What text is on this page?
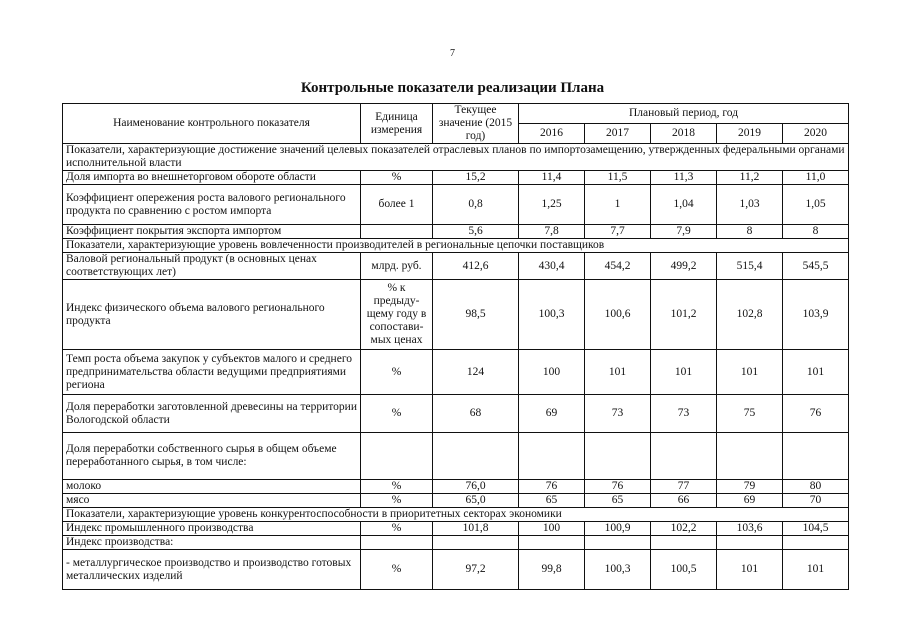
7
Контрольные показатели реализации Плана
Наименование контрольного показателя	Единица измерения	Текущее значение (2015 год)	Плановый период, год				
			2016	2017	2018	2019	2020
Показатели, характеризующие достижение значений целевых показателей отраслевых планов по импортозамещению, утвержденных федеральными органами исполнительной власти							
Доля импорта во внешнеторговом обороте области	%	15,2	11,4	11,5	11,3	11,2	11,0
Коэффициент опережения роста валового регионального продукта по сравнению с ростом импорта	более 1	0,8	1,25	1	1,04	1,03	1,05
Коэффициент покрытия экспорта импортом		5,6	7,8	7,7	7,9	8	8
Показатели, характеризующие уровень вовлеченности производителей в региональные цепочки поставщиков							
Валовой региональный продукт (в основных ценах соответствующих лет)	млрд. руб.	412,6	430,4	454,2	499,2	515,4	545,5
Индекс физического объема валового регионального продукта	% к предыду-щему году в сопостави-мых ценах	98,5	100,3	100,6	101,2	102,8	103,9
Темп роста объема закупок у субъектов малого и среднего предпринимательства области ведущими предприятиями региона	%	124	100	101	101	101	101
Доля переработки заготовленной древесины на территории Вологодской области	%	68	69	73	73	75	76
Доля переработки собственного сырья в общем объеме переработанного сырья, в том числе:							
молоко	%	76,0	76	76	77	79	80
мясо	%	65,0	65	65	66	69	70
Показатели, характеризующие уровень конкурентоспособности в приоритетных секторах экономики							
Индекс промышленного производства	%	101,8	100	100,9	102,2	103,6	104,5
Индекс производства:							
- металлургическое производство и производство готовых металлических изделий	%	97,2	99,8	100,3	100,5	101	101
